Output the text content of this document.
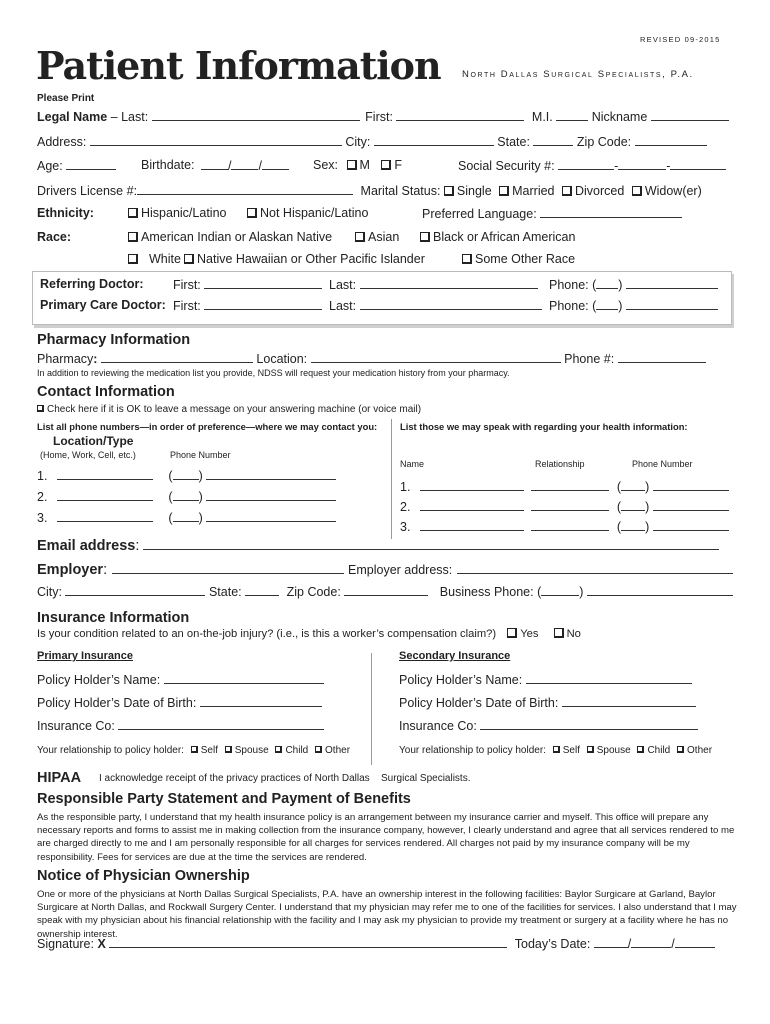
REVISED 09-2015
Patient Information North Dallas Surgical Specialists, P.A.
Please Print
Legal Name – Last:	First:	M.I.	Nickname
Address:	City:	State:	Zip Code:
Age:	Birthdate:	/ /	Sex: M F	Social Security #:	-	-
Drivers License #:	Marital Status: Single Married Divorced Widow(er)
Ethnicity:	Hispanic/Latino	Not Hispanic/Latino	Preferred Language:
Race:	American Indian or Alaskan Native	Asian	Black or African American
White	Native Hawaiian or Other Pacific Islander	Some Other Race
Referring Doctor: First:	Last:	Phone: ( )
Primary Care Doctor: First:	Last:	Phone: ( )
Pharmacy Information
Pharmacy:	Location:	Phone #:
In addition to reviewing the medication list you provide, NDSS will request your medication history from your pharmacy.
Contact Information
Check here if it is OK to leave a message on your answering machine (or voice mail)
List all phone numbers—in order of preference—where we may contact you: List those we may speak with regarding your health information:
Location/Type
(Home, Work, Cell, etc.)	Phone Number
1.	( )
2.	( )
3.	( )
Name	Relationship	Phone Number
1.	( )
2.	( )
3.	( )
Email address:
Employer:	Employer address:
City:	State:	Zip Code:	Business Phone: (	)
Insurance Information
Is your condition related to an on-the-job injury? (i.e., is this a worker’s compensation claim?) Yes	No
Primary Insurance	Secondary Insurance
Policy Holder’s Name:	Policy Holder’s Name:
Policy Holder’s Date of Birth:	Policy Holder’s Date of Birth:
Insurance Co:	Insurance Co:
Your relationship to policy holder: Self Spouse Child Other	Your relationship to policy holder: Self Spouse Child Other
HIPAA I acknowledge receipt of the privacy practices of North Dallas Surgical Specialists.
Responsible Party Statement and Payment of Benefits
As the responsible party, I understand that my health insurance policy is an arrangement between my insurance carrier and myself. This office will prepare any necessary reports and forms to assist me in making collection from the insurance company, however, I clearly understand and agree that all services rendered to me are charged directly to me and I am personally responsible for all charges for services rendered. All charges not paid by my insurance company will be my responsibility. Fees for services are due at the time the services are rendered.
Notice of Physician Ownership
One or more of the physicians at North Dallas Surgical Specialists, P.A. have an ownership interest in the following facilities: Baylor Surgicare at Garland, Baylor Surgicare at North Dallas, and Rockwall Surgery Center. I understand that my physician may refer me to one of the facilities for services. I also understand that I may speak with my physician about his financial relationship with the facility and I may ask my physician to provide my treatment or surgery at a facility where he has no ownership interest.
Signature: X	Today’s Date:	/	/
